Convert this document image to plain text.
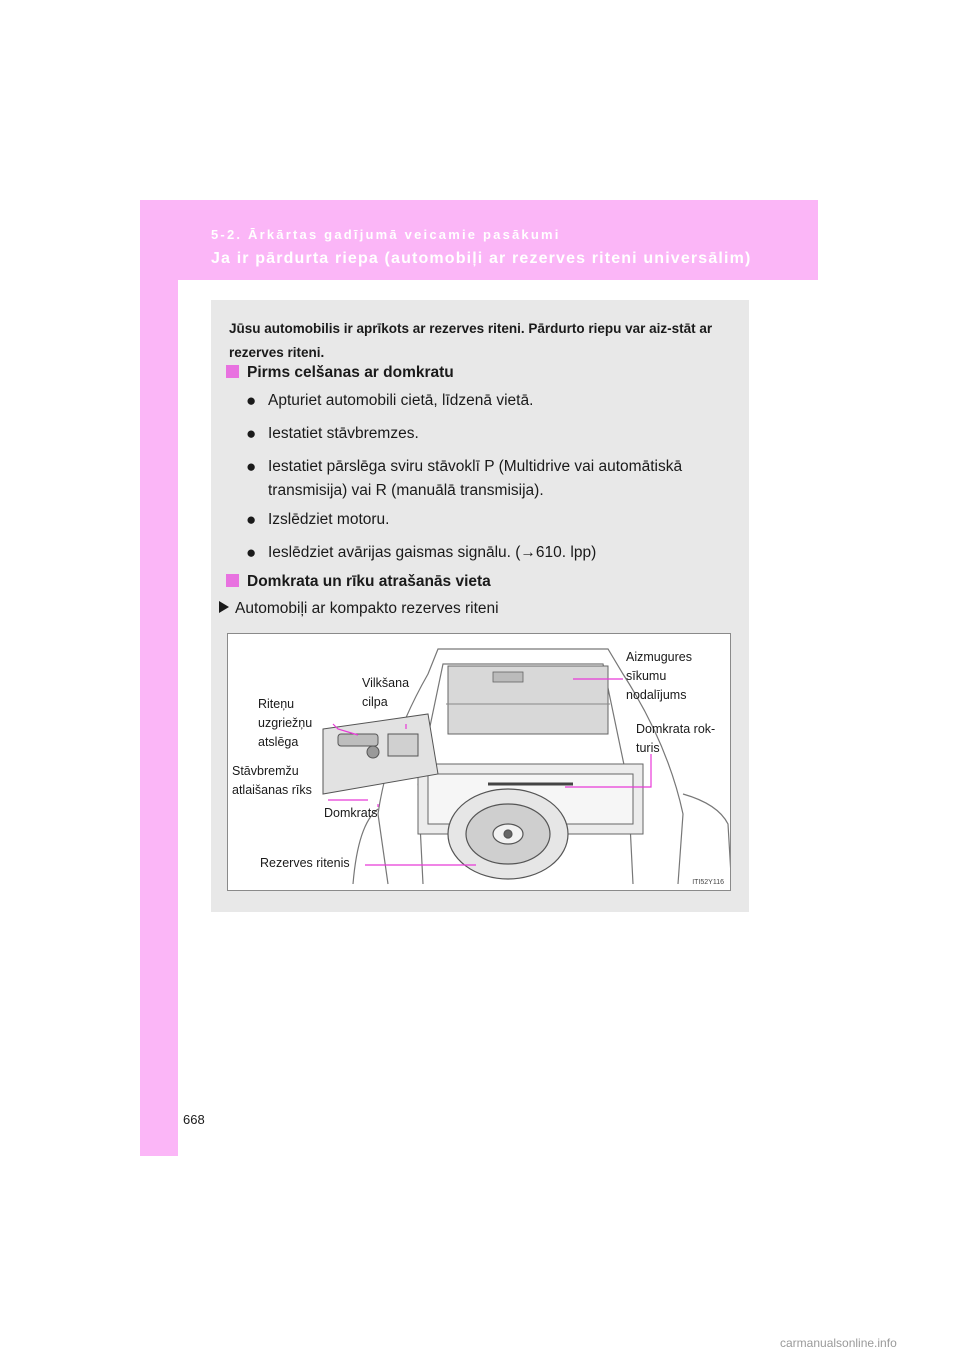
5-2. Ārkārtas gadījumā veicamie pasākumi
Ja ir pārdurta riepa (automobiļi ar rezerves riteni universālim)
Jūsu automobilis ir aprīkots ar rezerves riteni. Pārdurto riepu var aiz-stāt ar rezerves riteni.
Pirms celšanas ar domkratu
● Apturiet automobili cietā, līdzenā vietā.
● Iestatiet stāvbremzes.
● Iestatiet pārslēga sviru stāvoklī P (Multidrive vai automātiskā transmisija) vai R (manuālā transmisija).
● Izslēdziet motoru.
● Ieslēdziet avārijas gaismas signālu. (→610. lpp)
Domkrata un rīku atrašanās vieta
Automobiļi ar kompakto rezerves riteni
Riteņu
uzgriežņu
atslēga
Vilkšana
cilpa
Aizmugures
sīkumu
nodalījums
Domkrata rok-
turis
Stāvbremžu
atlaišanas rīks
Domkrats
Rezerves ritenis
ITI52Y116
668
carmanualsonline.info
